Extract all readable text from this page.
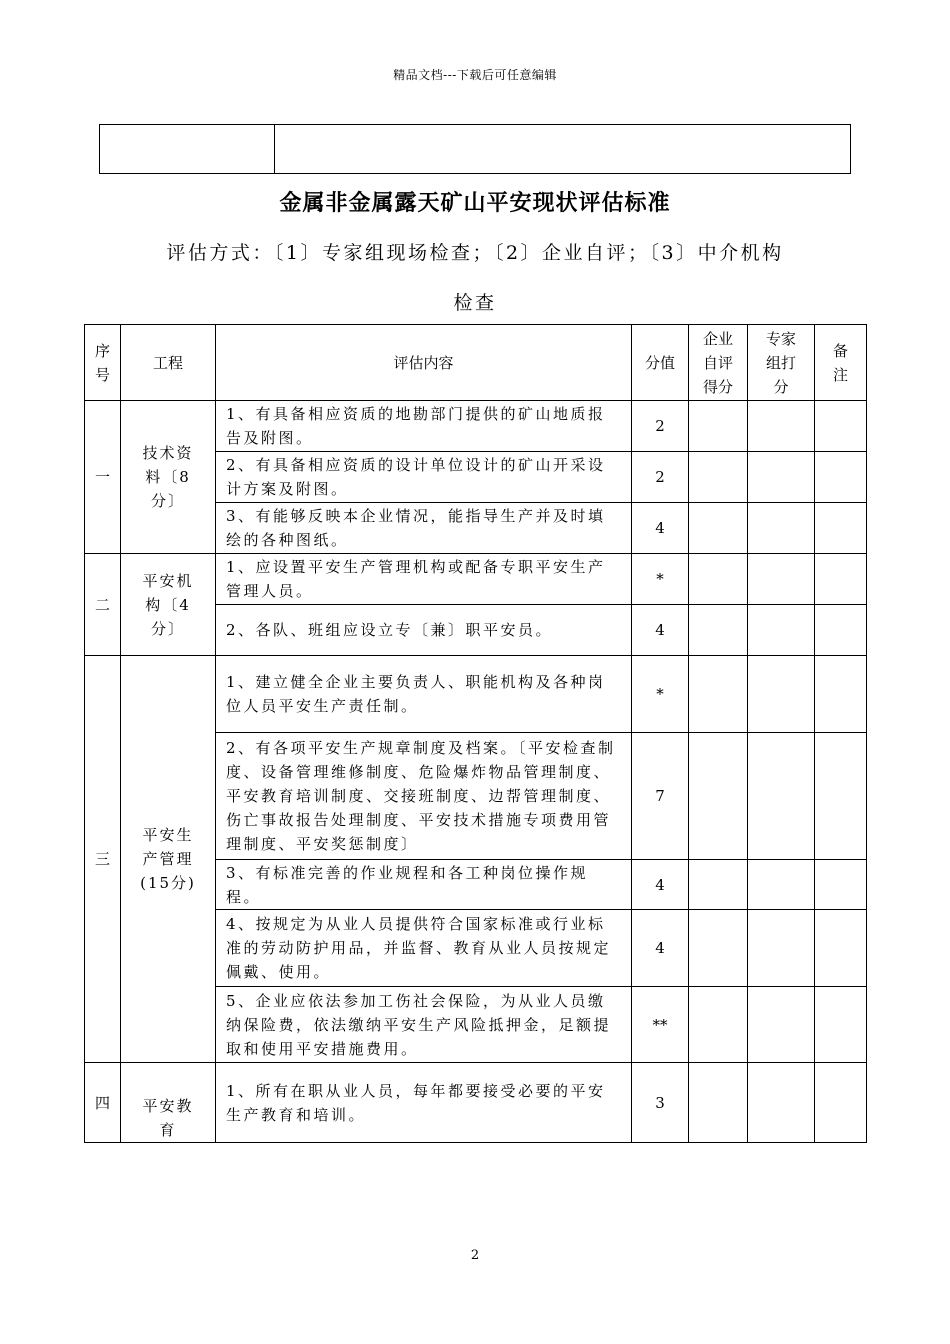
精品文档---下载后可任意编辑
金属非金属露天矿山平安现状评估标准
评估方式：〔1〕专家组现场检查；〔2〕企业自评；〔3〕中介机构
检查
序号	工程	评估内容	分值	企业自评得分	专家组打分	备注

一	技术资料〔8分〕	1、有具备相应资质的地勘部门提供的矿山地质报告及附图。	2			
		2、有具备相应资质的设计单位设计的矿山开采设计方案及附图。	2			
		3、有能够反映本企业情况，能指导生产并及时填绘的各种图纸。	4			
二	平安机构〔4分〕	1、应设置平安生产管理机构或配备专职平安生产管理人员。	*			
		2、各队、班组应设立专〔兼〕职平安员。	4			
三	平安生产管理(15分)	1、建立健全企业主要负责人、职能机构及各种岗位人员平安生产责任制。	*			
		2、有各项平安生产规章制度及档案。〔平安检查制度、设备管理维修制度、危险爆炸物品管理制度、平安教育培训制度、交接班制度、边帮管理制度、伤亡事故报告处理制度、平安技术措施专项费用管理制度、平安奖惩制度〕	7			
		3、有标准完善的作业规程和各工种岗位操作规程。	4			
		4、按规定为从业人员提供符合国家标准或行业标准的劳动防护用品，并监督、教育从业人员按规定佩戴、使用。	4			
		5、企业应依法参加工伤社会保险，为从业人员缴纳保险费，依法缴纳平安生产风险抵押金，足额提取和使用平安措施费用。	**			
四	平安教育	1、所有在职从业人员，每年都要接受必要的平安生产教育和培训。	3			
2
